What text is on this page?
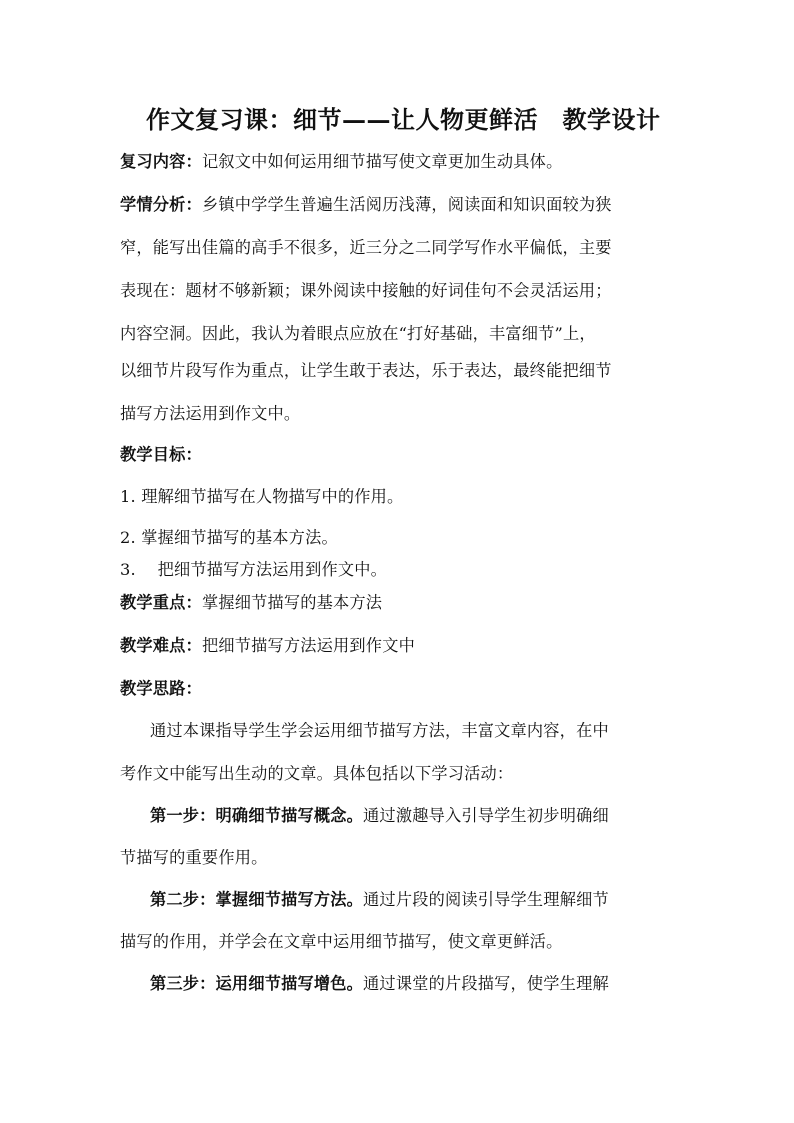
作文复习课：细节——让人物更鲜活　教学设计
复习内容：记叙文中如何运用细节描写使文章更加生动具体。
学情分析：乡镇中学学生普遍生活阅历浅薄，阅读面和知识面较为狭
窄，能写出佳篇的高手不很多，近三分之二同学写作水平偏低，主要
表现在：题材不够新颖；课外阅读中接触的好词佳句不会灵活运用；
内容空洞。因此，我认为着眼点应放在“打好基础，丰富细节”上，
以细节片段写作为重点，让学生敢于表达，乐于表达，最终能把细节
描写方法运用到作文中。
教学目标：
1. 理解细节描写在人物描写中的作用。
2. 掌握细节描写的基本方法。
3.　 把细节描写方法运用到作文中。
教学重点：掌握细节描写的基本方法
教学难点：把细节描写方法运用到作文中
教学思路：
通过本课指导学生学会运用细节描写方法，丰富文章内容，在中
考作文中能写出生动的文章。具体包括以下学习活动：
第一步：明确细节描写概念。通过激趣导入引导学生初步明确细
节描写的重要作用。
第二步：掌握细节描写方法。通过片段的阅读引导学生理解细节
描写的作用，并学会在文章中运用细节描写，使文章更鲜活。
第三步：运用细节描写增色。通过课堂的片段描写，使学生理解
